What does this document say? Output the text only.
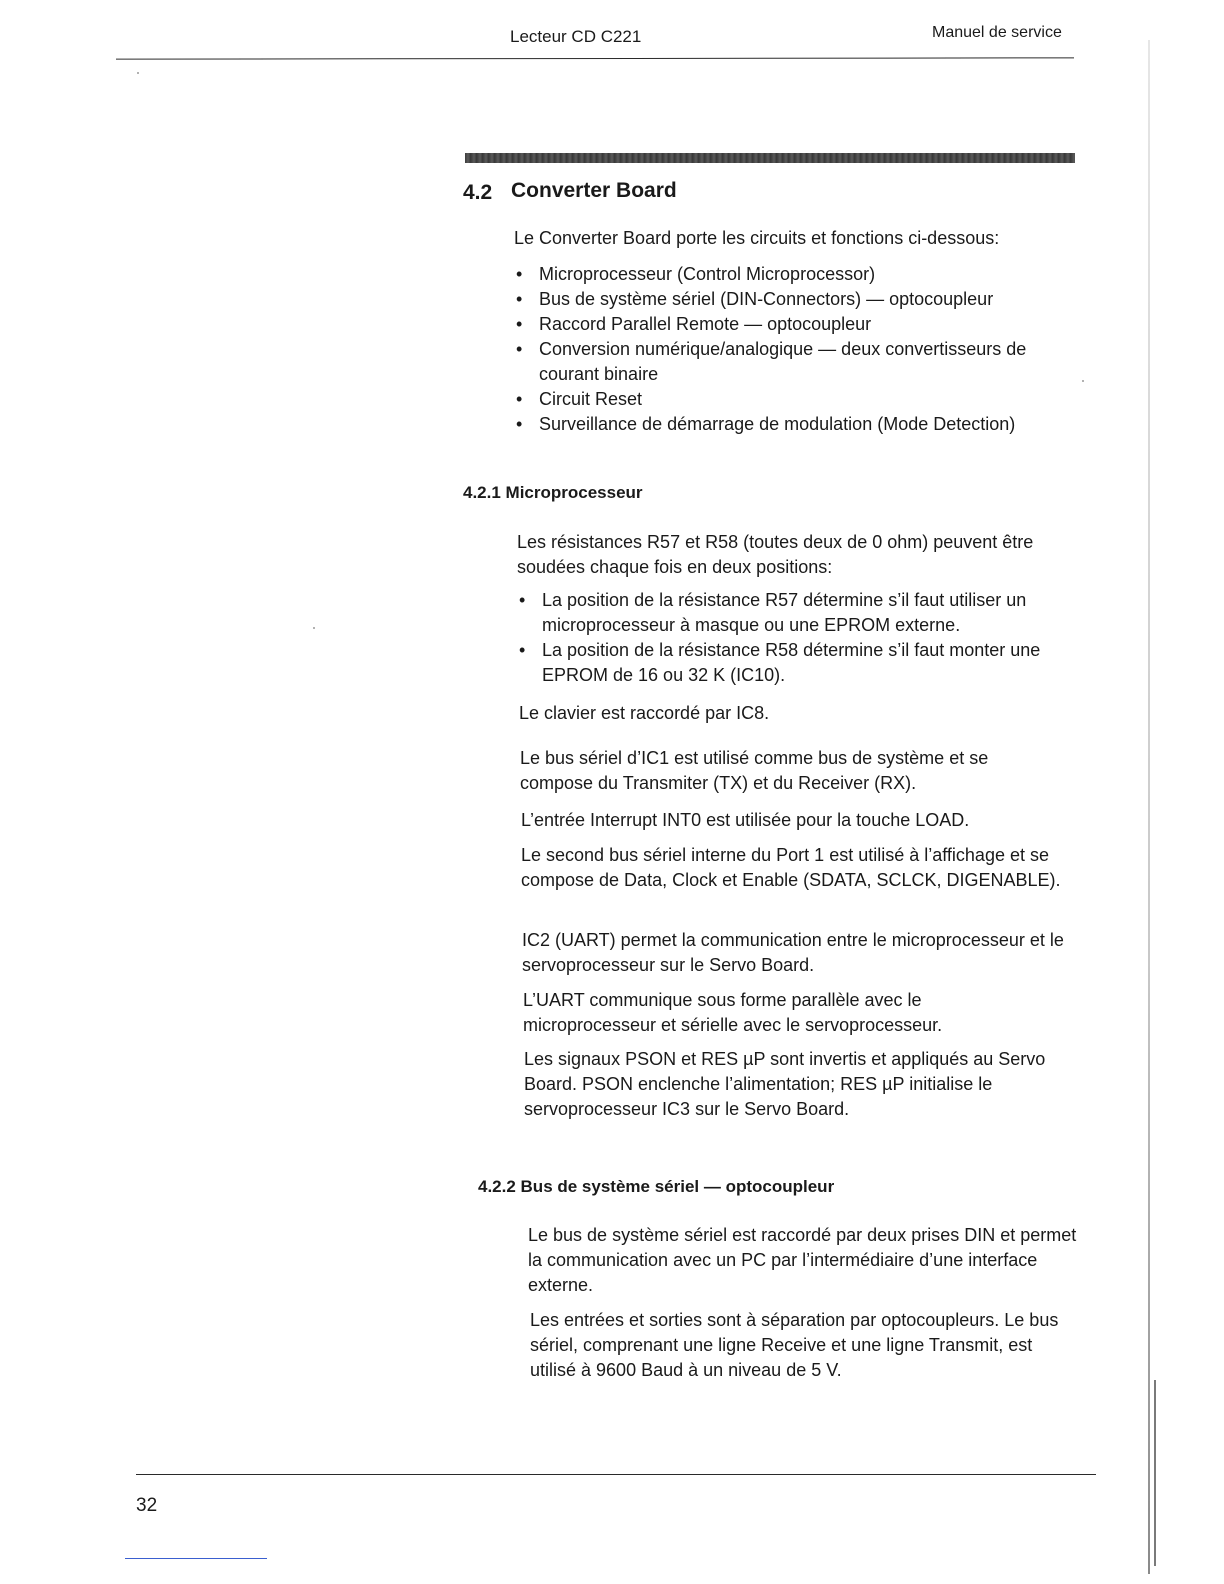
Lecteur CD C221	Manuel de service
4.2 Converter Board

Le Converter Board porte les circuits et fonctions ci-dessous:

• Microprocesseur (Control Microprocessor)
• Bus de système sériel (DIN-Connectors) — optocoupleur
• Raccord Parallel Remote — optocoupleur
• Conversion numérique/analogique — deux convertisseurs de courant binaire
• Circuit Reset
• Surveillance de démarrage de modulation (Mode Detection)
4.2.1 Microprocesseur

Les résistances R57 et R58 (toutes deux de 0 ohm) peuvent être soudées chaque fois en deux positions:

• La position de la résistance R57 détermine s’il faut utiliser un microprocesseur à masque ou une EPROM externe.
• La position de la résistance R58 détermine s’il faut monter une EPROM de 16 ou 32 K (IC10).

Le clavier est raccordé par IC8.

Le bus sériel d’IC1 est utilisé comme bus de système et se compose du Transmiter (TX) et du Receiver (RX).

L’entrée Interrupt INT0 est utilisée pour la touche LOAD.

Le second bus sériel interne du Port 1 est utilisé à l’affichage et se compose de Data, Clock et Enable (SDATA, SCLCK, DIGENABLE).

IC2 (UART) permet la communication entre le microprocesseur et le servoprocesseur sur le Servo Board.

L’UART communique sous forme parallèle avec le microprocesseur et sérielle avec le servoprocesseur.

Les signaux PSON et RES µP sont invertis et appliqués au Servo Board. PSON enclenche l’alimentation; RES µP initialise le servoprocesseur IC3 sur le Servo Board.

4.2.2 Bus de système sériel — optocoupleur

Le bus de système sériel est raccordé par deux prises DIN et permet la communication avec un PC par l’intermédiaire d’une interface externe.

Les entrées et sorties sont à séparation par optocoupleurs. Le bus sériel, comprenant une ligne Receive et une ligne Transmit, est utilisé à 9600 Baud à un niveau de 5 V.

32
